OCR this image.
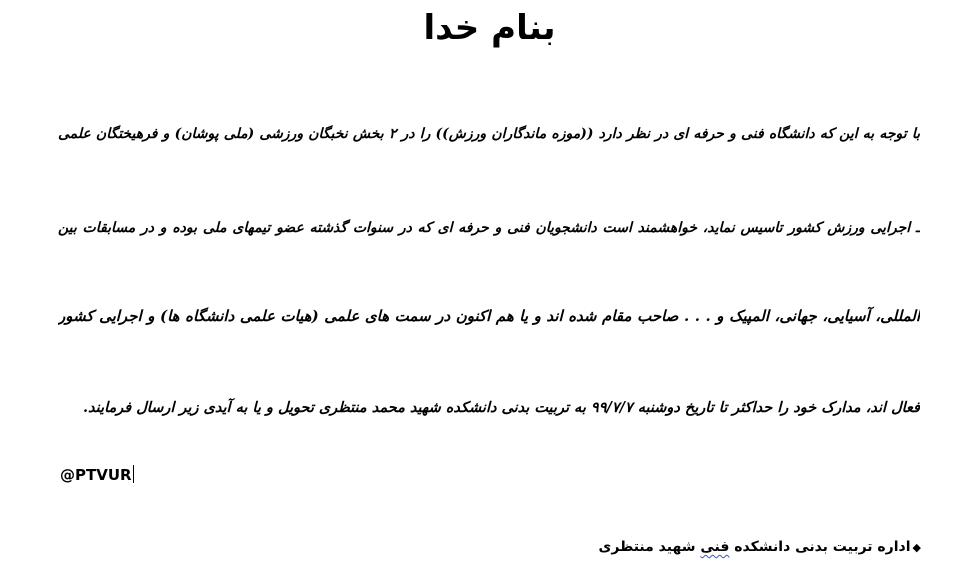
بنام خدا
با توجه به این که دانشگاه فنی و حرفه ای در نظر دارد ((موزه ماندگاران ورزش)) را در ۲ بخش نخبگان ورزشی (ملی پوشان) و فرهیختگان علمی
ـ اجرایی ورزش کشور تاسیس نماید، خواهشمند است دانشجویان فنی و حرفه ای که در سنوات گذشته عضو تیمهای ملی بوده و در مسابقات بین
المللی، آسیایی، جهانی، المپیک و . . . صاحب مقام شده اند و یا هم اکنون در سمت های علمی (هیات علمی دانشگاه ها) و اجرایی کشور
فعال اند، مدارک خود را حداکثر تا تاریخ دوشنبه ۹۹/۷/۷ به تربیت بدنی دانشکده شهید محمد منتظری تحویل و یا به آیدی زیر ارسال فرمایند.
@PTVUR
◆اداره تربیت بدنی دانشکده فنی شهید منتظری
